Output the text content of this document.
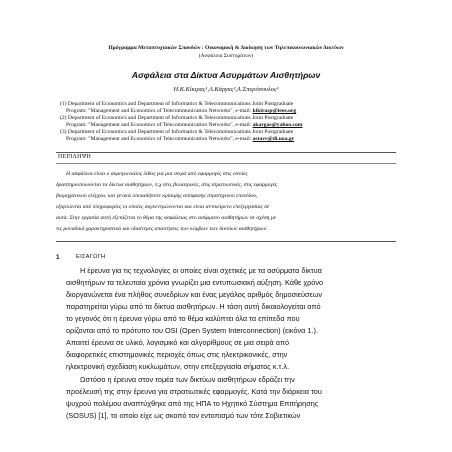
Πρόγραμμα Μεταπτυχιακών Σπουδών : Οικονομική & Διοίκηση των Τηλεπικοινωνιακών Δικτύων
(Ασφάλεια Συστημάτων)
Ασφάλεια στα Δίκτυα Ασυρμάτων Αισθητήρων
Η.Κ.Κίκιρας¹,Α.Κάργας²,Λ.Σπυρόπουλος³
(1) Department of Economics and Department of Informatics & Telecommunications Joint Postgraduate
Program: "Management and Economics of Telecommunication Networks", e-mail: kikirasp@ieee.org
(2) Department of Economics and Department of Informatics & Telecommunications Joint Postgraduate
Program: "Management and Economics of Telecommunication Networks", e-mail: akargas@yahoo.com
(3) Department of Economics and Department of Informatics & Telecommunications Joint Postgraduate
Program: "Management and Economics of Telecommunication Networks", e-mail: astavr@di.uoa.gr
ΠΕΡΙΛΗΨΗ
Η ασφάλεια είναι ο ακρογωνιαίος λίθος για μια σειρά από εφαρμογές στις οποίες
δραστηριοποιούνται τα δίκτυα αισθητήρων, π.χ στις βιοιατρικές, στις στρατιωτικές, στις εφαρμογές
βιομηχανικού ελέγχου, και γενικά οποιαδήποτε κρίσιμης απόφασης στρατηγικού επιπέδου,
εξαρτώνται από πληροφορίες οι οποίες συγκεντρώνονται και είναι αντικείμενο επεξεργασίας σε
αυτά. Στην εργασία αυτή εξετάζεται το θέμα της ασφάλειας στο ασύρματο αισθητήρων σε σχέση με
τις μοναδικά χαρακτηριστικά και ιδιαίτερες απαιτήσεις των κόμβων των δικτύων αισθητήρων.
1	ΕΙΣΑΓΩΓΗ
Η έρευνα για τις τεχνολογίες οι οποίες είναι σχετικές με τα ασύρματα δίκτυα
αισθητήρων τα τελευταία χρόνια γνωρίζει μια εντυπωσιακή αύξηση. Κάθε χρόνο
διοργανώνεται ένα πλήθος συνεδρίων και ένας μεγάλος αριθμός δημοσιεύσεων
παρατηρείται γύρω από τα δίκτυα αισθητήρων. Η τάση αυτή δικαιολογείται από
το γεγονός ότι η έρευνα γύρω από το θέμα καλύπτει όλα τα επίπεδα που
ορίζονται από το πρότυπο του OSI (Open System Interconnection) (εικόνα 1.).
Απαιτεί έρευνα σε υλικό, λογισμικό και αλγορίθμους σε μια σειρά από
διαφορετικές επιστημονικές περιοχές όπως στις ηλεκτρικονικές, στην
ηλεκτρονική σχεδίαση κυκλωμάτων, στην επεξεργασία σήματος κ.τ.λ.
Ωστόσο η έρευνα στον τομέα των δικτύων αισθητήρων εδράζει την
προέλευσή της στην έρευνα για στρατιωτικές εφαρμογές. Κατά την διάρκεια του
ψυχρού πολέμου αναπτύχθηκε από της ΗΠΑ το Ηχητικό Σύστημα Επιτήρησης
(SOSUS) [1], το οποίο είχε ως σκοπό τον εντοπισμό των τότε Σοβιετικών
